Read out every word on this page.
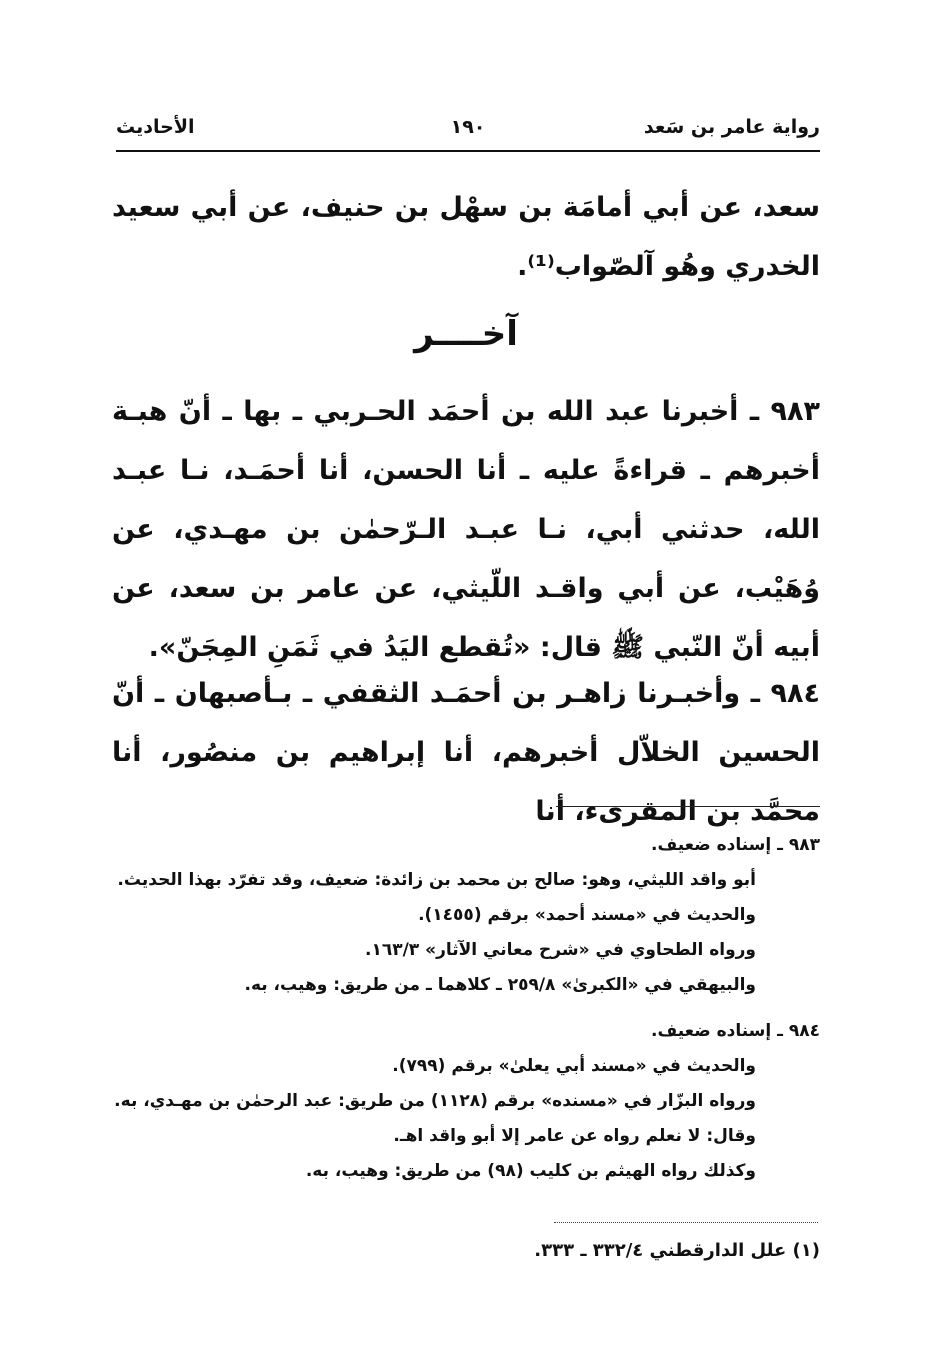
رواية عامر بن سَعد
١٩٠
الأحاديث
سعد، عن أبي أمامَة بن سهْل بن حنيف، عن أبي سعيد الخدري وهُو آلصّواب⁽¹⁾.
آخــــر
٩٨٣ ـ أخبرنا عبد الله بن أحمَد الحـربي ـ بها ـ أنّ هبـة أخبرهم ـ قراءةً عليه ـ أنا الحسن، أنا أحمَـد، نـا عبـد الله، حدثني أبي، نـا عبـد الـرّحمٰن بن مهـدي، عن وُهَيْب، عن أبي واقـد اللّيثي، عن عامر بن سعد، عن أبيه أنّ النّبي ﷺ قال: «تُقطع اليَدُ في ثَمَنِ المِجَنّ».
٩٨٤ ـ وأخبـرنا زاهـر بن أحمَـد الثقفي ـ بـأصبهان ـ أنّ الحسين الخلاّل أخبرهم، أنا إبراهيم بن منصُور، أنا محمَّد بن المقرىء، أنا
٩٨٣ ـ إسناده ضعيف.
أبو واقد الليثي، وهو: صالح بن محمد بن زائدة: ضعيف، وقد تفرّد بهذا الحديث.
والحديث في «مسند أحمد» برقم (١٤٥٥).
ورواه الطحاوي في «شرح معاني الآثار» ١٦٣/٣.
والبيهقي في «الكبرىٰ» ٢٥٩/٨ ـ كلاهما ـ من طريق: وهيب، به.
٩٨٤ ـ إسناده ضعيف.
والحديث في «مسند أبي يعلىٰ» برقم (٧٩٩).
ورواه البزّار في «مسنده» برقم (١١٢٨) من طريق: عبد الرحمٰن بن مهـدي، به.
وقال: لا نعلم رواه عن عامر إلا أبو واقد اهـ.
وكذلك رواه الهيثم بن كليب (٩٨) من طريق: وهيب، به.
(١) علل الدارقطني ٣٣٢/٤ ـ ٣٣٣.
